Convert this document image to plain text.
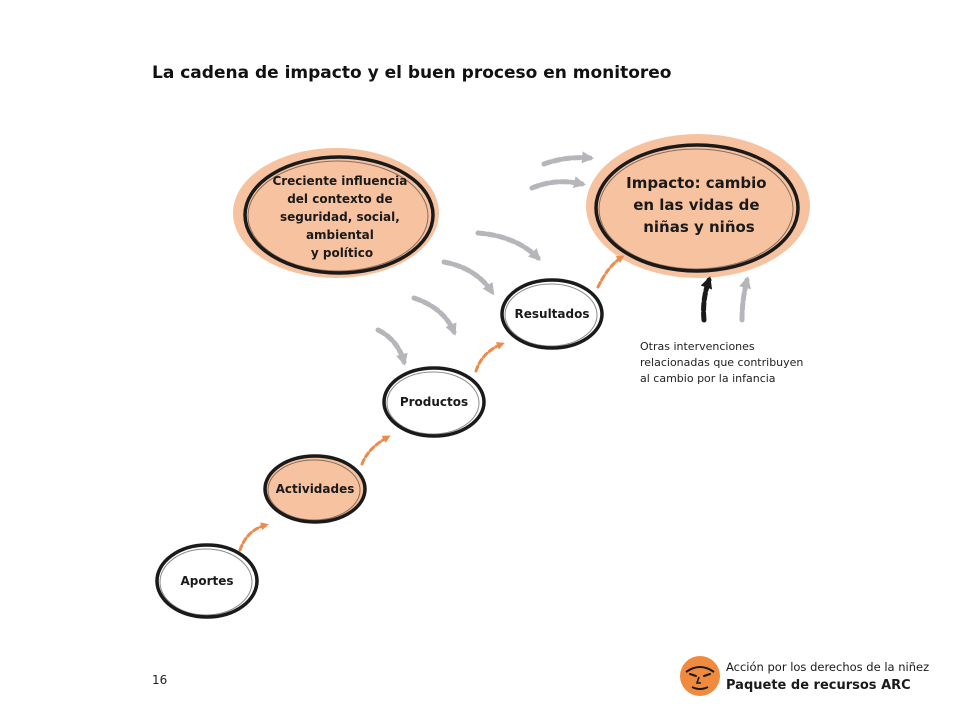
La cadena de impacto y el buen proceso en monitoreo
Creciente influencia del contexto de seguridad, social, ambiental y político
Impacto: cambio en las vidas de niñas y niños
Resultados
Productos
Actividades
Aportes
Otras intervenciones
relacionadas que contribuyen
al cambio por la infancia
16
Acción por los derechos de la niñez
Paquete de recursos ARC
